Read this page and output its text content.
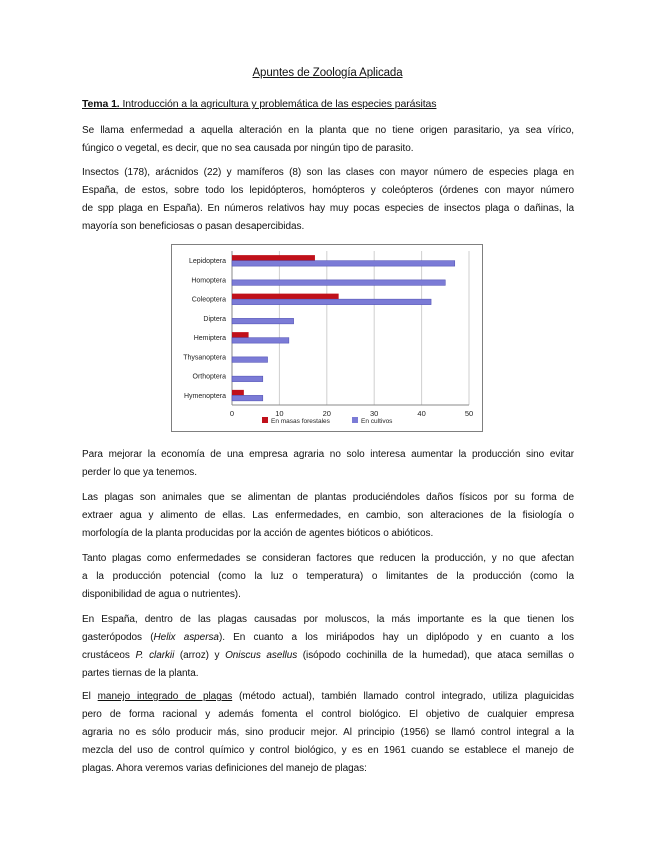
Apuntes de Zoología Aplicada
Tema 1. Introducción a la agricultura y problemática de las especies parásitas
Se llama enfermedad a aquella alteración en la planta que no tiene origen parasitario, ya sea vírico,
fúngico o vegetal, es decir, que no sea causada por ningún tipo de parasito.
Insectos (178), arácnidos (22) y mamíferos (8) son las clases con mayor número de especies plaga en
España, de estos, sobre todo los lepidópteros, homópteros y coleópteros (órdenes con mayor número
de spp plaga en España). En números relativos hay muy pocas especies de insectos plaga o dañinas, la
mayoría son beneficiosas o pasan desapercibidas.
0	10	20	30	40	50
Lepidoptera
Homoptera
Coleoptera
Diptera
Hemiptera
Thysanoptera
Orthoptera
Hymenoptera
En masas forestales	En cultivos
Para mejorar la economía de una empresa agraria no solo interesa aumentar la producción sino evitar
perder lo que ya tenemos.
Las plagas son animales que se alimentan de plantas produciéndoles daños físicos por su forma de
extraer agua y alimento de ellas. Las enfermedades, en cambio, son alteraciones de la fisiología o
morfología de la planta producidas por la acción de agentes bióticos o abióticos.
Tanto plagas como enfermedades se consideran factores que reducen la producción, y no que afectan
a la producción potencial (como la luz o temperatura) o limitantes de la producción (como la
disponibilidad de agua o nutrientes).
En España, dentro de las plagas causadas por moluscos, la más importante es la que tienen los
gasterópodos (Helix aspersa). En cuanto a los miriápodos hay un diplópodo y en cuanto a los
crustáceos P. clarkii (arroz) y Oniscus asellus (isópodo cochinilla de la humedad), que ataca semillas o
partes tiernas de la planta.
El manejo integrado de plagas (método actual), también llamado control integrado, utiliza plaguicidas
pero de forma racional y además fomenta el control biológico. El objetivo de cualquier empresa
agraria no es sólo producir más, sino producir mejor. Al principio (1956) se llamó control integral a la
mezcla del uso de control químico y control biológico, y es en 1961 cuando se establece el manejo de
plagas. Ahora veremos varias definiciones del manejo de plagas:
